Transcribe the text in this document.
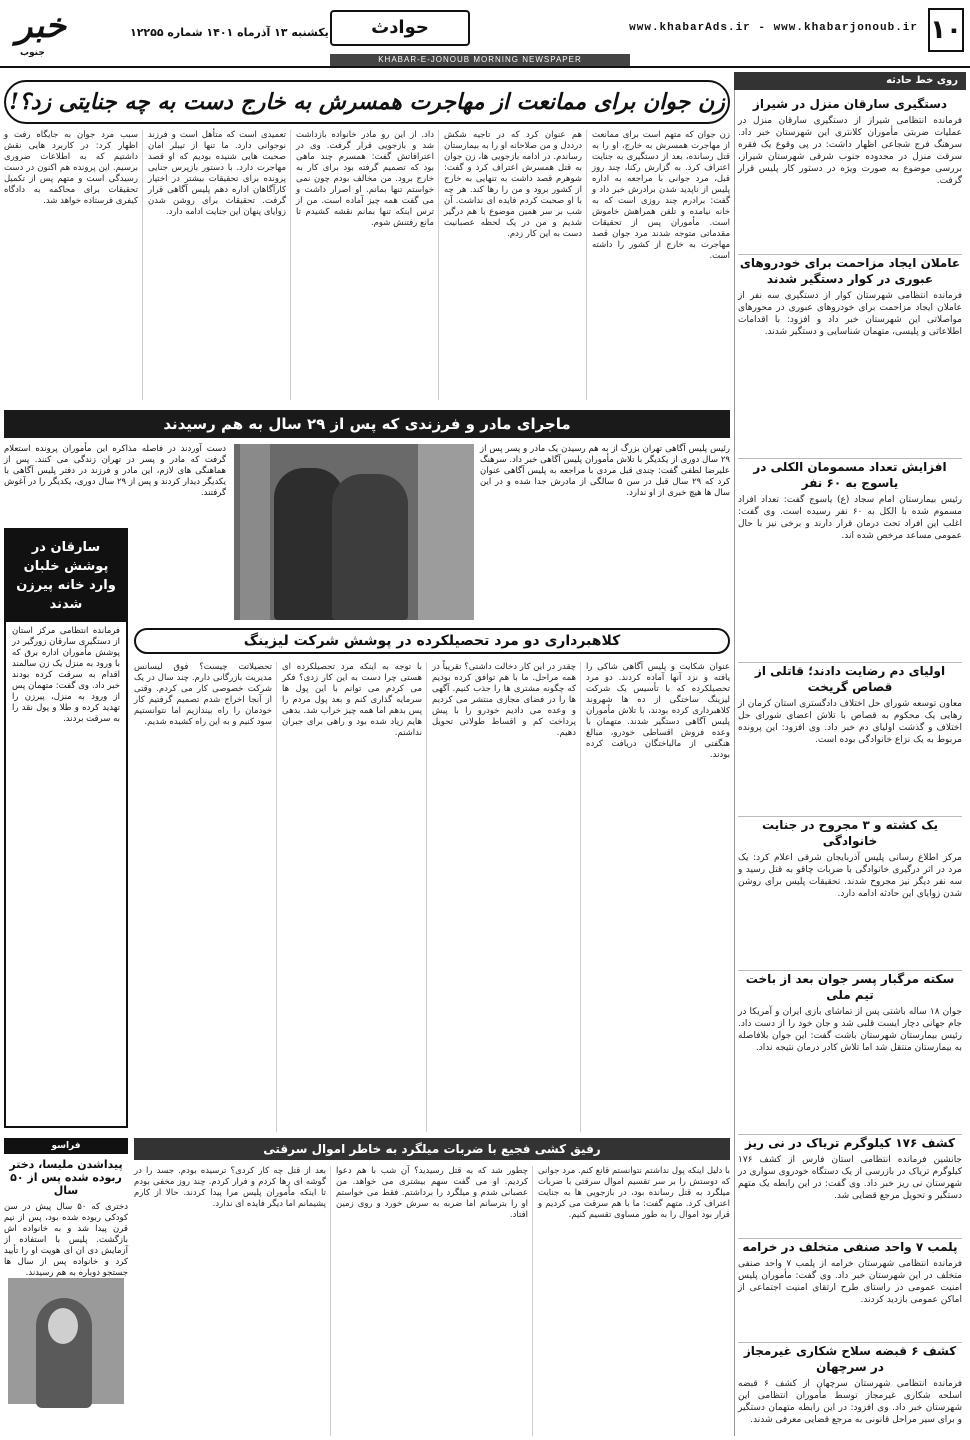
۱۰
www.khabarAds.ir - www.khabarjonoub.ir
حوادث
یکشنبه ۱۳ آذرماه ۱۴۰۱ شماره ۱۲۲۵۵
خبر
جنوب
KHABAR-E-JONOUB MORNING NEWSPAPER
روی خط حادثه
دستگیری سارقان منزل در شیراز
فرمانده انتظامی شیراز از دستگیری سارقان منزل در عملیات ضربتی مأموران کلانتری این شهرستان خبر داد. سرهنگ فرج شجاعی اظهار داشت: در پی وقوع یک فقره سرقت منزل در محدوده جنوب شرقی شهرستان شیراز، بررسی موضوع به صورت ویژه در دستور کار پلیس قرار گرفت.
عاملان ایجاد مزاحمت برای خودروهای عبوری در کوار دستگیر شدند
فرمانده انتظامی شهرستان کوار از دستگیری سه نفر از عاملان ایجاد مزاحمت برای خودروهای عبوری در محورهای مواصلاتی این شهرستان خبر داد و افزود: با اقدامات اطلاعاتی و پلیسی، متهمان شناسایی و دستگیر شدند.
افزایش تعداد مسمومان الکلی در یاسوج به ۶۰ نفر
رئیس بیمارستان امام سجاد (ع) یاسوج گفت: تعداد افراد مسموم شده با الکل به ۶۰ نفر رسیده است. وی گفت: اغلب این افراد تحت درمان قرار دارند و برخی نیز با حال عمومی مساعد مرخص شده اند.
اولیای دم رضایت دادند؛ قاتلی از قصاص گریخت
معاون توسعه شورای حل اختلاف دادگستری استان کرمان از رهایی یک محکوم به قصاص با تلاش اعضای شورای حل اختلاف و گذشت اولیای دم خبر داد. وی افزود: این پرونده مربوط به یک نزاع خانوادگی بوده است.
یک کشته و ۳ مجروح در جنایت خانوادگی
مرکز اطلاع رسانی پلیس آذربایجان شرقی اعلام کرد: یک مرد در اثر درگیری خانوادگی با ضربات چاقو به قتل رسید و سه نفر دیگر نیز مجروح شدند. تحقیقات پلیس برای روشن شدن زوایای این حادثه ادامه دارد.
سکته مرگبار پسر جوان بعد از باخت تیم ملی
جوان ۱۸ ساله باشتی پس از تماشای بازی ایران و آمریکا در جام جهانی دچار ایست قلبی شد و جان خود را از دست داد. رئیس بیمارستان شهرستان باشت گفت: این جوان بلافاصله به بیمارستان منتقل شد اما تلاش کادر درمان نتیجه نداد.
کشف ۱۷۶ کیلوگرم تریاک در نی ریز
جانشین فرمانده انتظامی استان فارس از کشف ۱۷۶ کیلوگرم تریاک در بازرسی از یک دستگاه خودروی سواری در شهرستان نی ریز خبر داد. وی گفت: در این رابطه یک متهم دستگیر و تحویل مرجع قضایی شد.
پلمب ۷ واحد صنفی متخلف در خرامه
فرمانده انتظامی شهرستان خرامه از پلمب ۷ واحد صنفی متخلف در این شهرستان خبر داد. وی گفت: مأموران پلیس امنیت عمومی در راستای طرح ارتقای امنیت اجتماعی از اماکن عمومی بازدید کردند.
کشف ۶ قبضه سلاح شکاری غیرمجاز در سرچهان
فرمانده انتظامی شهرستان سرچهان از کشف ۶ قبضه اسلحه شکاری غیرمجاز توسط مأموران انتظامی این شهرستان خبر داد. وی افزود: در این رابطه متهمان دستگیر و برای سیر مراحل قانونی به مرجع قضایی معرفی شدند.
زن جوان برای ممانعت از مهاجرت همسرش به خارج دست به چه جنایتی زد؟!
زن جوان که متهم است برای ممانعت از مهاجرت همسرش به خارج، او را به قتل رسانده، بعد از دستگیری به جنایت اعتراف کرد. به گزارش رکنا، چند روز قبل، مرد جوانی با مراجعه به اداره پلیس از ناپدید شدن برادرش خبر داد و گفت: برادرم چند روزی است که به خانه نیامده و تلفن همراهش خاموش است. مأموران پس از تحقیقات مقدماتی متوجه شدند مرد جوان قصد مهاجرت به خارج از کشور را داشته است.
هم عنوان کرد که در تاجیه شکش درددل و من صلاحانه او را به بیمارستان رساندم. در ادامه بازجویی ها، زن جوان به قتل همسرش اعتراف کرد و گفت: شوهرم قصد داشت به تنهایی به خارج از کشور برود و من را رها کند. هر چه با او صحبت کردم فایده ای نداشت. آن شب بر سر همین موضوع با هم درگیر شدیم و من در یک لحظه عصبانیت دست به این کار زدم.
داد. از این رو مادر خانواده بازداشت شد و بازجویی قرار گرفت. وی در اعترافاتش گفت: همسرم چند ماهی بود که تصمیم گرفته بود برای کار به خارج برود. من مخالف بودم چون نمی خواستم تنها بمانم. او اصرار داشت و می گفت همه چیز آماده است. من از ترس اینکه تنها بمانم نقشه کشیدم تا مانع رفتنش شوم.
تعمیدی است که متأهل است و فرزند نوجوانی دارد. ما تنها از تیبلر امان صحبت هایی شنیده بودیم که او قصد مهاجرت دارد. با دستور بازپرس جنایی پرونده برای تحقیقات بیشتر در اختیار کارآگاهان اداره دهم پلیس آگاهی قرار گرفت. تحقیقات برای روشن شدن زوایای پنهان این جنایت ادامه دارد.
سبب مرد جوان به جایگاه رفت و اظهار کرد: در کاربرد هایی نقش داشتیم که به اطلاعات ضروری برسیم. این پرونده هم اکنون در دست رسیدگی است و متهم پس از تکمیل تحقیقات برای محاکمه به دادگاه کیفری فرستاده خواهد شد.
ماجرای مادر و فرزندی که پس از ۲۹ سال به هم رسیدند
رئیس پلیس آگاهی تهران بزرگ از به هم رسیدن یک مادر و پسر پس از ۲۹ سال دوری از یکدیگر با تلاش مأموران پلیس آگاهی خبر داد. سرهنگ علیرضا لطفی گفت: چندی قبل مردی با مراجعه به پلیس آگاهی عنوان کرد که ۲۹ سال قبل در سن ۵ سالگی از مادرش جدا شده و در این سال ها هیچ خبری از او ندارد.
دست آوردند در فاصله مذاکره این مأموران پرونده استعلام گرفت که مادر و پسر در تهران زندگی می کنند. پس از هماهنگی های لازم، این مادر و فرزند در دفتر پلیس آگاهی با یکدیگر دیدار کردند و پس از ۲۹ سال دوری، یکدیگر را در آغوش گرفتند.
سارقان در پوشش خلبان وارد خانه پیرزن شدند
فرمانده انتظامی مرکز استان از دستگیری سارقان زورگیر در پوشش مأموران اداره برق که با ورود به منزل یک زن سالمند اقدام به سرقت کرده بودند خبر داد. وی گفت: متهمان پس از ورود به منزل، پیرزن را تهدید کرده و طلا و پول نقد را به سرقت بردند.
کلاهبرداری دو مرد تحصیلکرده در پوشش شرکت لیزینگ
عنوان شکایت و پلیس آگاهی شاکی را یافته و نزد آنها آماده کردند. دو مرد تحصیلکرده که با تأسیس یک شرکت لیزینگ ساختگی از ده ها شهروند کلاهبرداری کرده بودند، با تلاش مأموران پلیس آگاهی دستگیر شدند. متهمان با وعده فروش اقساطی خودرو، مبالغ هنگفتی از مالباختگان دریافت کرده بودند.
چقدر در این کار دخالت داشتی؟ تقریباً در همه مراحل. ما با هم توافق کرده بودیم که چگونه مشتری ها را جذب کنیم. آگهی ها را در فضای مجازی منتشر می کردیم و وعده می دادیم خودرو را با پیش پرداخت کم و اقساط طولانی تحویل دهیم.
با توجه به اینکه مرد تحصیلکرده ای هستی چرا دست به این کار زدی؟ فکر می کردم می توانم با این پول ها سرمایه گذاری کنم و بعد پول مردم را پس بدهم اما همه چیز خراب شد. بدهی هایم زیاد شده بود و راهی برای جبران نداشتم.
تحصیلاتت چیست؟ فوق لیسانس مدیریت بازرگانی دارم. چند سال در یک شرکت خصوصی کار می کردم. وقتی از آنجا اخراج شدم تصمیم گرفتیم کار خودمان را راه بیندازیم اما نتوانستیم سود کنیم و به این راه کشیده شدیم.
رفیق کشی فجیع با ضربات میلگرد به خاطر اموال سرقتی
با دلیل اینکه پول نداشتم نتوانستم قانع کنم. مرد جوانی که دوستش را بر سر تقسیم اموال سرقتی با ضربات میلگرد به قتل رسانده بود، در بازجویی ها به جنایت اعتراف کرد. متهم گفت: ما با هم سرقت می کردیم و قرار بود اموال را به طور مساوی تقسیم کنیم.
چطور شد که به قتل رسیدید؟ آن شب با هم دعوا کردیم. او می گفت سهم بیشتری می خواهد. من عصبانی شدم و میلگرد را برداشتم. فقط می خواستم او را بترسانم اما ضربه به سرش خورد و روی زمین افتاد.
بعد از قتل چه کار کردی؟ ترسیده بودم. جسد را در گوشه ای رها کردم و فرار کردم. چند روز مخفی بودم تا اینکه مأموران پلیس مرا پیدا کردند. حالا از کارم پشیمانم اما دیگر فایده ای ندارد.
فراسو
پیداشدن ملیسا، دختر ربوده شده پس از ۵۰ سال
دختری که ۵۰ سال پیش در سن کودکی ربوده شده بود، پس از نیم قرن پیدا شد و به خانواده اش بازگشت. پلیس با استفاده از آزمایش دی ان ای هویت او را تأیید کرد و خانواده پس از سال ها جستجو دوباره به هم رسیدند.
